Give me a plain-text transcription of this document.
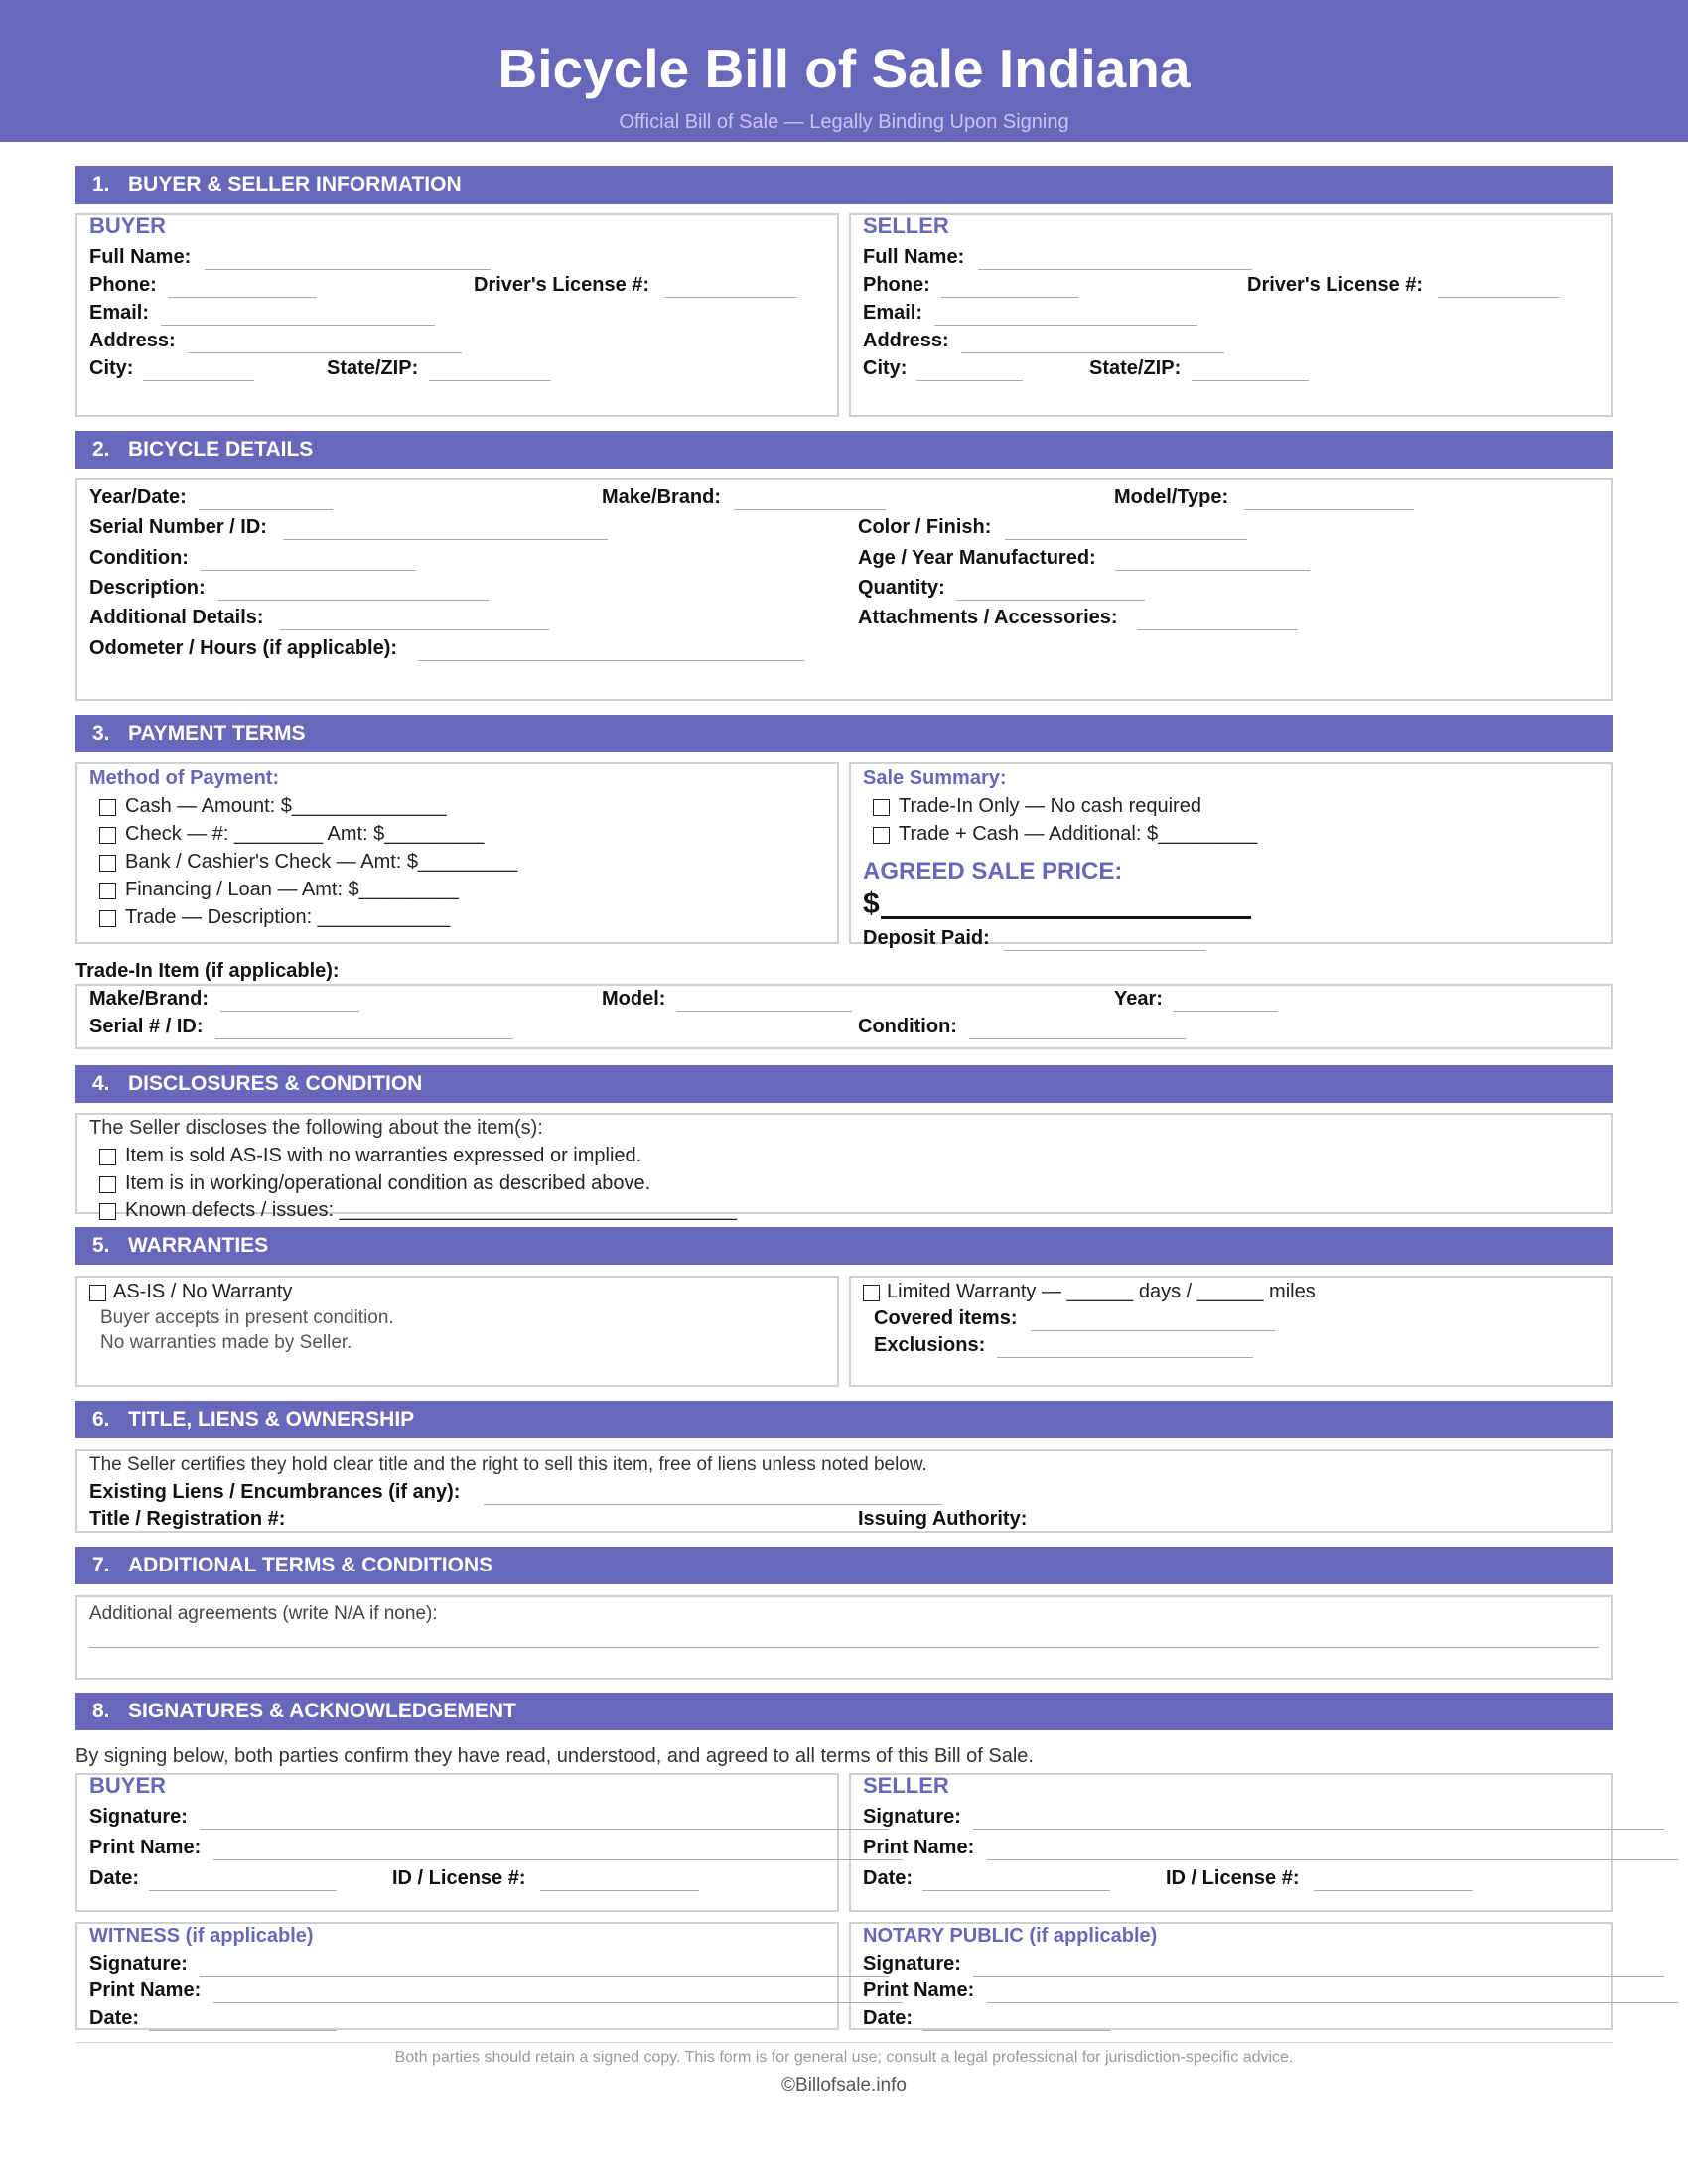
Bicycle Bill of Sale Indiana
Official Bill of Sale — Legally Binding Upon Signing
1. BUYER & SELLER INFORMATION
BUYER
Full Name:
Phone:	Driver's License #:
Email:
Address:
City:	State/ZIP:
SELLER
Full Name:
Phone:	Driver's License #:
Email:
Address:
City:	State/ZIP:
2. BICYCLE DETAILS
Year/Date:	Make/Brand:	Model/Type:
Serial Number / ID:	Color / Finish:
Condition:	Age / Year Manufactured:
Description:	Quantity:
Additional Details:	Attachments / Accessories:
Odometer / Hours (if applicable):
3. PAYMENT TERMS
Method of Payment:
Cash — Amount: $______________
Check — #: ________ Amt: $_________
Bank / Cashier's Check — Amt: $_________
Financing / Loan — Amt: $_________
Trade — Description: ____________
Sale Summary:
Trade-In Only — No cash required
Trade + Cash — Additional: $_________
AGREED SALE PRICE:
$
Deposit Paid:
Trade-In Item (if applicable):
Make/Brand:	Model:	Year:
Serial # / ID:	Condition:
4. DISCLOSURES & CONDITION
The Seller discloses the following about the item(s):
Item is sold AS-IS with no warranties expressed or implied.
Item is in working/operational condition as described above.
Known defects / issues: ____________________________________
5. WARRANTIES
AS-IS / No Warranty
Buyer accepts in present condition.
No warranties made by Seller.
Limited Warranty — ______ days / ______ miles
Covered items:
Exclusions:
6. TITLE, LIENS & OWNERSHIP
The Seller certifies they hold clear title and the right to sell this item, free of liens unless noted below.
Existing Liens / Encumbrances (if any):
Title / Registration #:	Issuing Authority:
7. ADDITIONAL TERMS & CONDITIONS
Additional agreements (write N/A if none):
8. SIGNATURES & ACKNOWLEDGEMENT
By signing below, both parties confirm they have read, understood, and agreed to all terms of this Bill of Sale.
BUYER
Signature:
Print Name:
Date:	ID / License #:
SELLER
Signature:
Print Name:
Date:	ID / License #:
WITNESS (if applicable)
Signature:
Print Name:
Date:
NOTARY PUBLIC (if applicable)
Signature:
Print Name:
Date:
Both parties should retain a signed copy. This form is for general use; consult a legal professional for jurisdiction-specific advice.
©Billofsale.info
